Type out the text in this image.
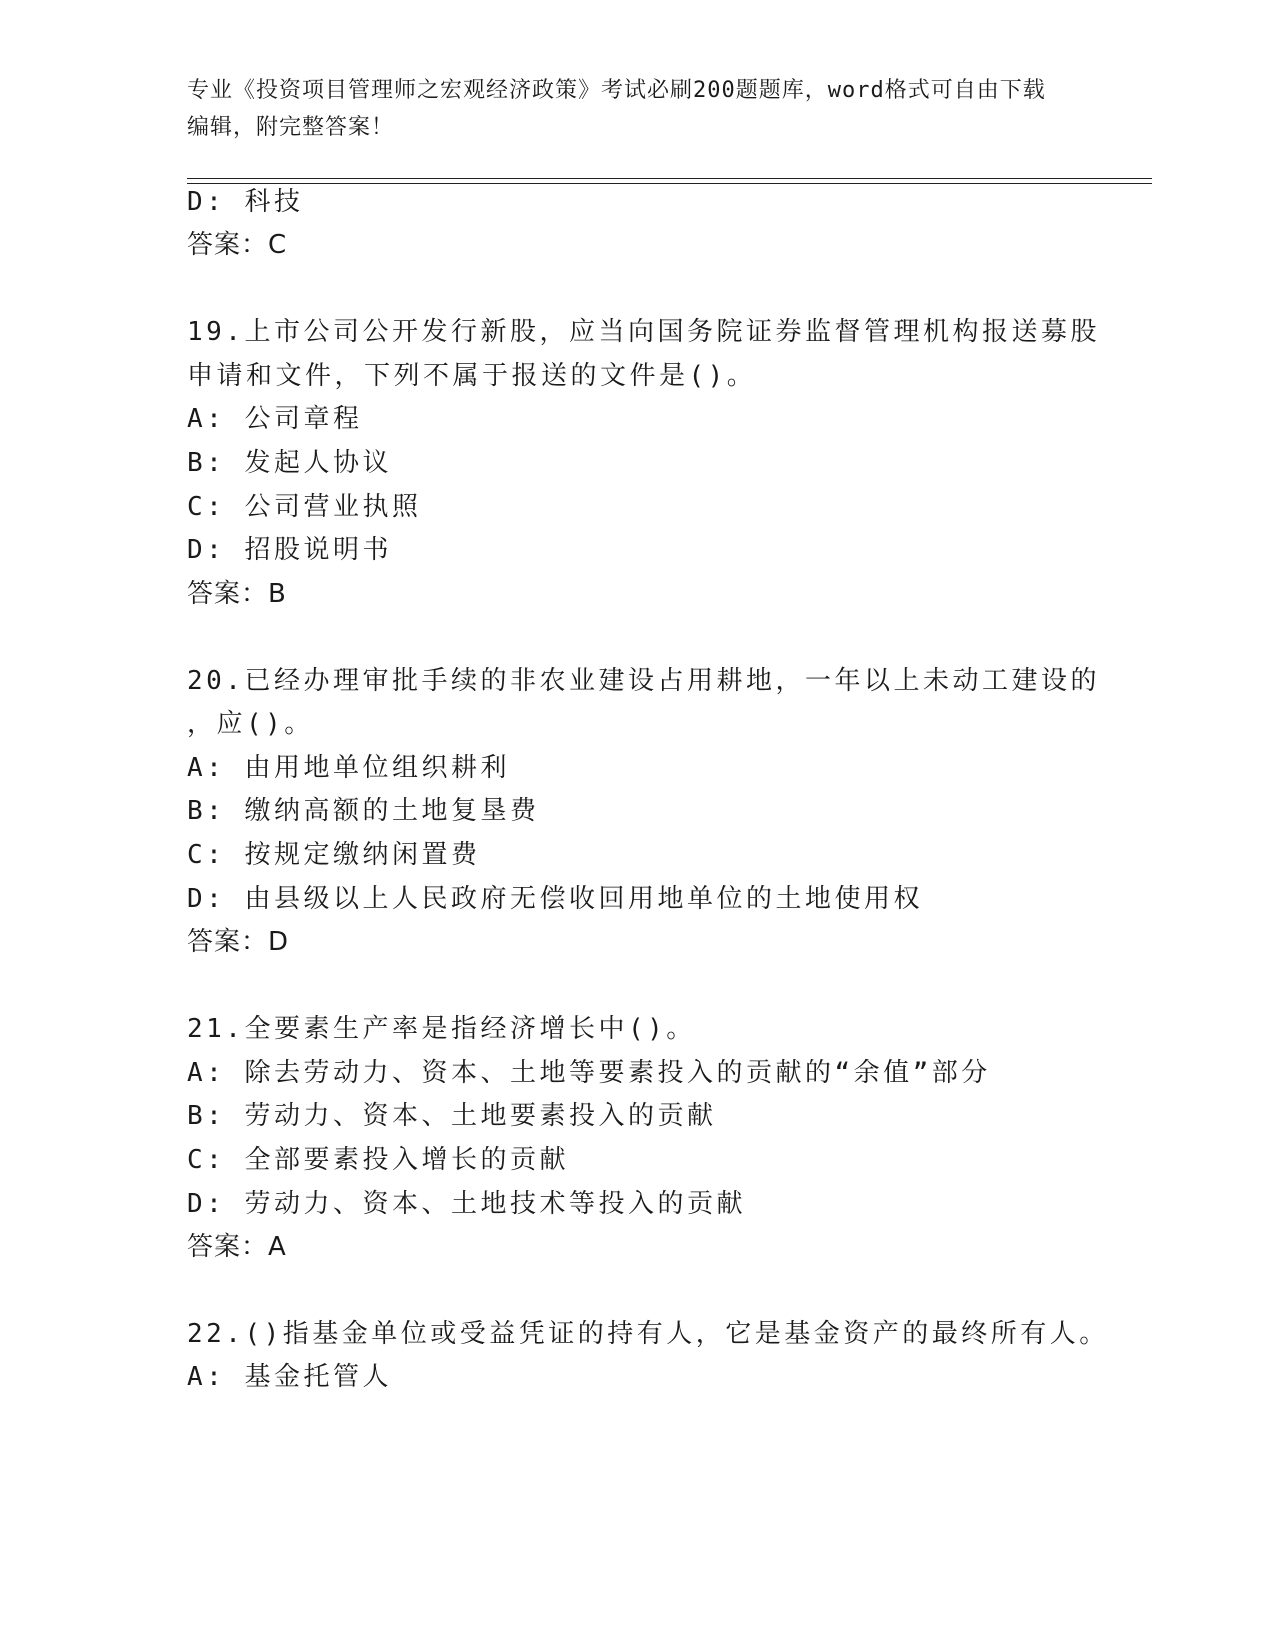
专业《投资项目管理师之宏观经济政策》考试必刷200题题库，word格式可自由下载编辑，附完整答案！

D: 科技

答案：C

19.上市公司公开发行新股，应当向国务院证券监督管理机构报送募股

申请和文件，下列不属于报送的文件是()。

A: 公司章程

B: 发起人协议

C: 公司营业执照

D: 招股说明书

答案：B

20.已经办理审批手续的非农业建设占用耕地，一年以上未动工建设的

，应()。

A: 由用地单位组织耕利

B: 缴纳高额的土地复垦费

C: 按规定缴纳闲置费

D: 由县级以上人民政府无偿收回用地单位的土地使用权

答案：D

21.全要素生产率是指经济增长中()。

A: 除去劳动力、资本、土地等要素投入的贡献的“余值”部分

B: 劳动力、资本、土地要素投入的贡献

C: 全部要素投入增长的贡献

D: 劳动力、资本、土地技术等投入的贡献

答案：A

22.()指基金单位或受益凭证的持有人，它是基金资产的最终所有人。

A: 基金托管人
